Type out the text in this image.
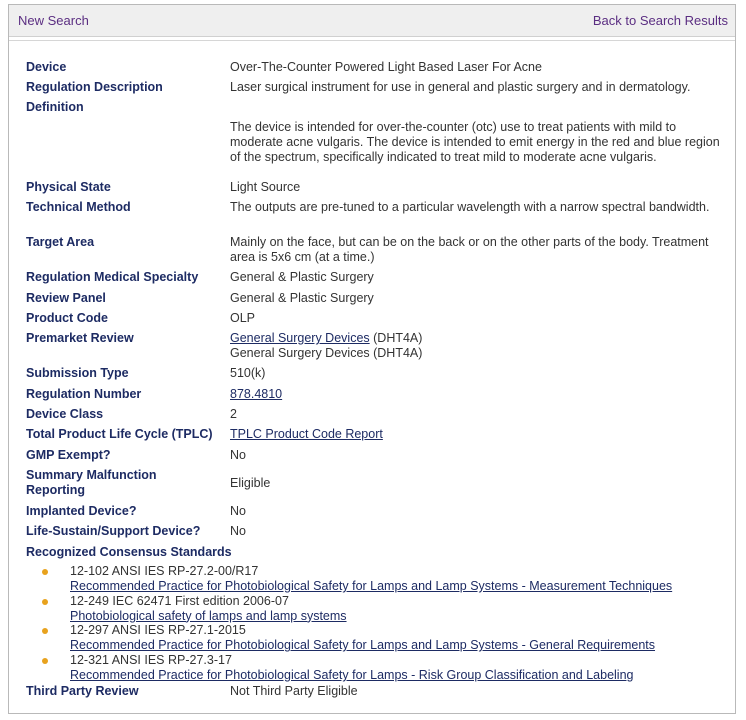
New Search	Back to Search Results
Device	Over-The-Counter Powered Light Based Laser For Acne
Regulation Description	Laser surgical instrument for use in general and plastic surgery and in dermatology.
Definition
The device is intended for over-the-counter (otc) use to treat patients with mild to moderate acne vulgaris. The device is intended to emit energy in the red and blue region of the spectrum, specifically indicated to treat mild to moderate acne vulgaris.
Physical State	Light Source
Technical Method	The outputs are pre-tuned to a particular wavelength with a narrow spectral bandwidth.
Target Area	Mainly on the face, but can be on the back or on the other parts of the body. Treatment area is 5x6 cm (at a time.)
Regulation Medical Specialty	General & Plastic Surgery
Review Panel	General & Plastic Surgery
Product Code	OLP
Premarket Review	General Surgery Devices (DHT4A)
General Surgery Devices (DHT4A)
Submission Type	510(k)
Regulation Number	878.4810
Device Class	2
Total Product Life Cycle (TPLC)	TPLC Product Code Report
GMP Exempt?	No
Summary Malfunction Reporting	Eligible
Implanted Device?	No
Life-Sustain/Support Device?	No
Recognized Consensus Standards
12-102 ANSI IES RP-27.2-00/R17
Recommended Practice for Photobiological Safety for Lamps and Lamp Systems - Measurement Techniques
12-249 IEC 62471 First edition 2006-07
Photobiological safety of lamps and lamp systems
12-297 ANSI IES RP-27.1-2015
Recommended Practice for Photobiological Safety for Lamps and Lamp Systems - General Requirements
12-321 ANSI IES RP-27.3-17
Recommended Practice for Photobiological Safety for Lamps - Risk Group Classification and Labeling
Third Party Review	Not Third Party Eligible
